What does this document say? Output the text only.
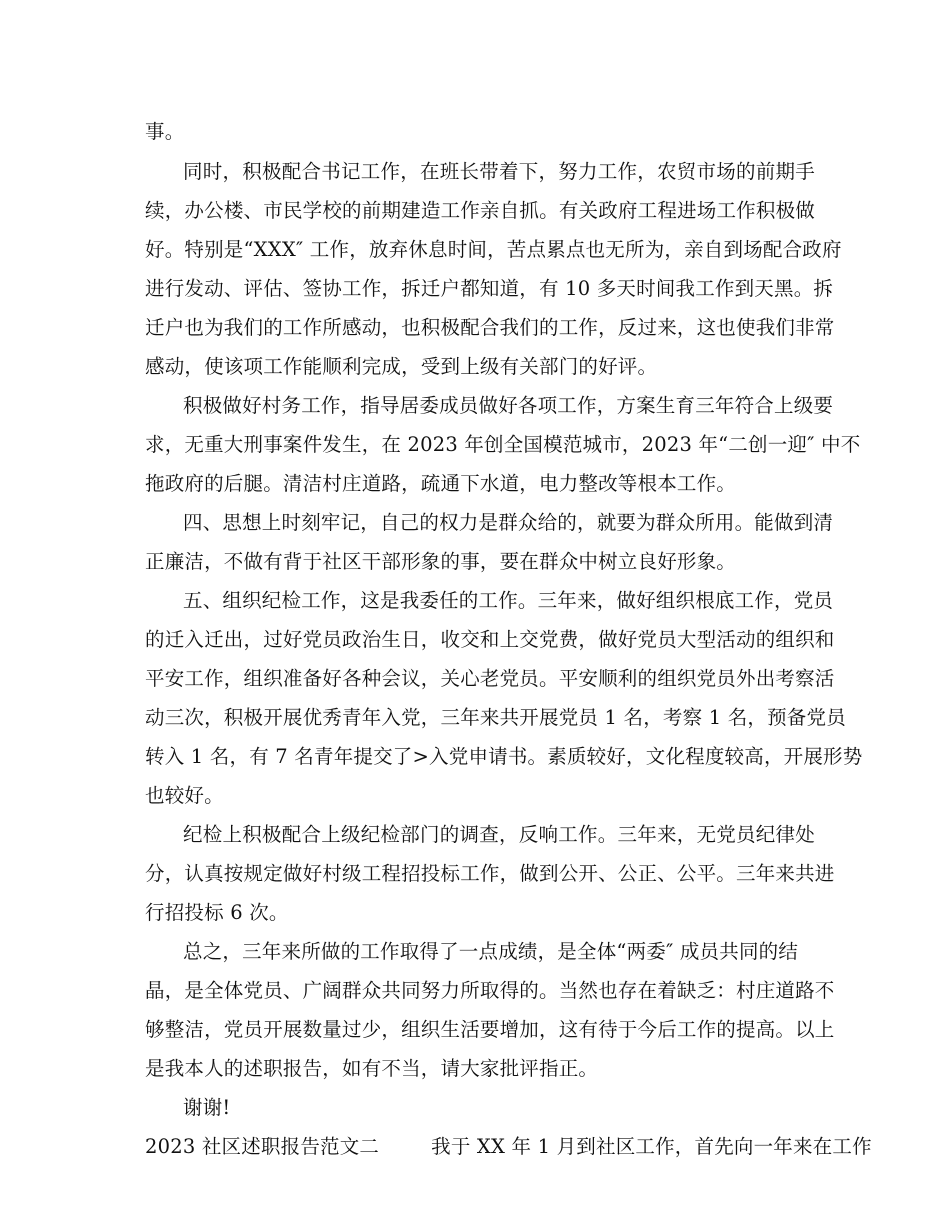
事。
同时，积极配合书记工作，在班长带着下，努力工作，农贸市场的前期手
续，办公楼、市民学校的前期建造工作亲自抓。有关政府工程进场工作积极做
好。特别是“XXX″ 工作，放弃休息时间，苦点累点也无所为，亲自到场配合政府
进行发动、评估、签协工作，拆迁户都知道，有 10 多天时间我工作到天黑。拆
迁户也为我们的工作所感动，也积极配合我们的工作，反过来，这也使我们非常
感动，使该项工作能顺利完成，受到上级有关部门的好评。
积极做好村务工作，指导居委成员做好各项工作，方案生育三年符合上级要
求，无重大刑事案件发生，在 2023 年创全国模范城市，2023 年“二创一迎″ 中不
拖政府的后腿。清洁村庄道路，疏通下水道，电力整改等根本工作。
四、思想上时刻牢记，自己的权力是群众给的，就要为群众所用。能做到清
正廉洁，不做有背于社区干部形象的事，要在群众中树立良好形象。
五、组织纪检工作，这是我委任的工作。三年来，做好组织根底工作，党员
的迁入迁出，过好党员政治生日，收交和上交党费，做好党员大型活动的组织和
平安工作，组织准备好各种会议，关心老党员。平安顺利的组织党员外出考察活
动三次，积极开展优秀青年入党，三年来共开展党员 1 名，考察 1 名，预备党员
转入 1 名，有 7 名青年提交了>入党申请书。素质较好，文化程度较高，开展形势
也较好。
纪检上积极配合上级纪检部门的调查，反响工作。三年来，无党员纪律处
分，认真按规定做好村级工程招投标工作，做到公开、公正、公平。三年来共进
行招投标 6 次。
总之，三年来所做的工作取得了一点成绩，是全体“两委″ 成员共同的结
晶，是全体党员、广阔群众共同努力所取得的。当然也存在着缺乏：村庄道路不
够整洁，党员开展数量过少，组织生活要增加，这有待于今后工作的提高。以上
是我本人的述职报告，如有不当，请大家批评指正。
谢谢!
2023 社区述职报告范文二	我于 XX 年 1 月到社区工作，首先向一年来在工作
